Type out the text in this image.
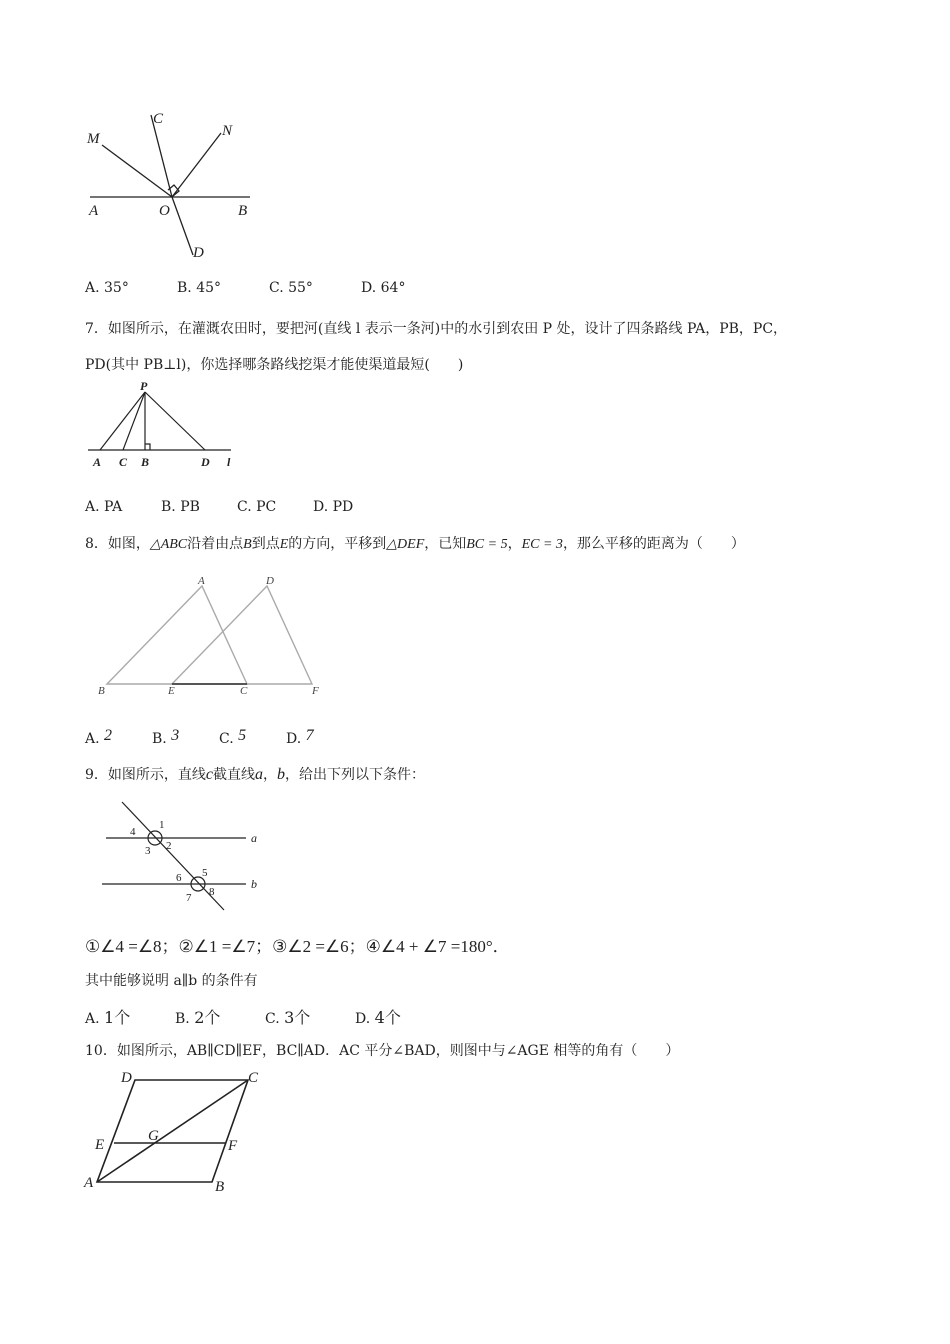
M
C
N
A	O	B
D
A. 35°	B. 45°	C. 55°	D. 64°
7．如图所示，在灌溉农田时，要把河(直线 l 表示一条河)中的水引到农田 P 处，设计了四条路线 PA，PB，PC，
PD(其中 PB⊥l)，你选择哪条路线挖渠才能使渠道最短(　　)
P
A C B	D l
A. PA	B. PB	C. PC	D. PD
8．如图，△ABC沿着由点B到点E的方向，平移到△DEF，已知BC = 5，EC = 3，那么平移的距离为（　　）
A	D
B	E	C	F
A. 2	B. 3	C. 5	D. 7
9．如图所示，直线c截直线a，b，给出下列以下条件：
1
4
3 2
6 5
7 8
a
b
①∠4 =∠8；②∠1 =∠7；③∠2 =∠6；④∠4 + ∠7 =180°．
其中能够说明 a∥b 的条件有
A. 1个	B. 2个	C. 3个	D. 4个
10．如图所示，AB∥CD∥EF，BC∥AD．AC 平分∠BAD，则图中与∠AGE 相等的角有（　　）
D	C
E
G
F
A	B
